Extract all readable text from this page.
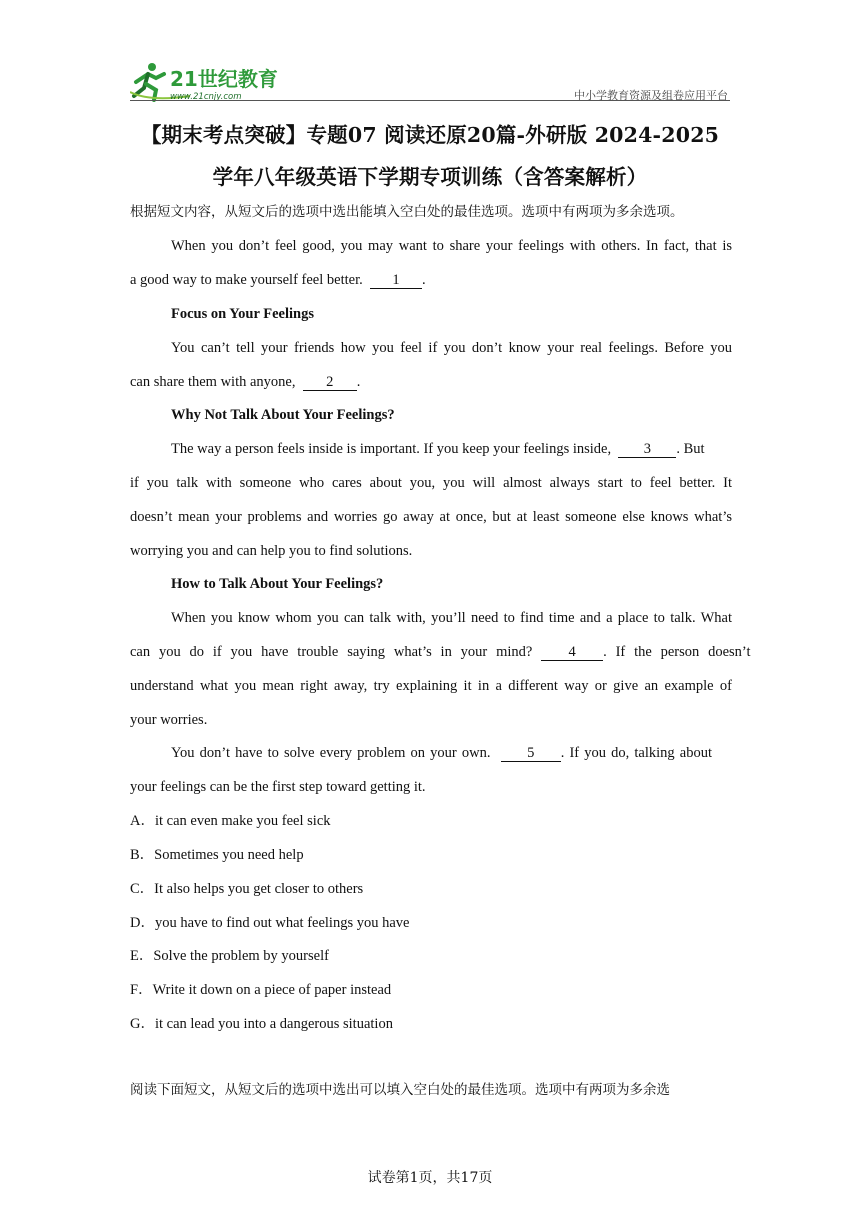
21世纪教育
www.21cnjy.com	中小学教育资源及组卷应用平台
【期末考点突破】专题07 阅读还原20篇-外研版 2024-2025
学年八年级英语下学期专项训练（含答案解析）
根据短文内容，从短文后的选项中选出能填入空白处的最佳选项。选项中有两项为多余选项。
When you don’t feel good, you may want to share your feelings with others. In fact, that is
a good way to make yourself feel better. 1 .
Focus on Your Feelings
You can’t tell your friends how you feel if you don’t know your real feelings. Before you
can share them with anyone, 2 .
Why Not Talk About Your Feelings?
The way a person feels inside is important. If you keep your feelings inside, 3 . But
if you talk with someone who cares about you, you will almost always start to feel better. It
doesn’t mean your problems and worries go away at once, but at least someone else knows what’s
worrying you and can help you to find solutions.
How to Talk About Your Feelings?
When you know whom you can talk with, you’ll need to find time and a place to talk. What
can you do if you have trouble saying what’s in your mind? 4 . If the person doesn’t
understand what you mean right away, try explaining it in a different way or give an example of
your worries.
You don’t have to solve every problem on your own.	5 . If you do, talking about
your feelings can be the first step toward getting it.
A．it can even make you feel sick
B．Sometimes you need help
C．It also helps you get closer to others
D．you have to find out what feelings you have
E．Solve the problem by yourself
F．Write it down on a piece of paper instead
G．it can lead you into a dangerous situation
阅读下面短文，从短文后的选项中选出可以填入空白处的最佳选项。选项中有两项为多余选
试卷第1页，共17页
